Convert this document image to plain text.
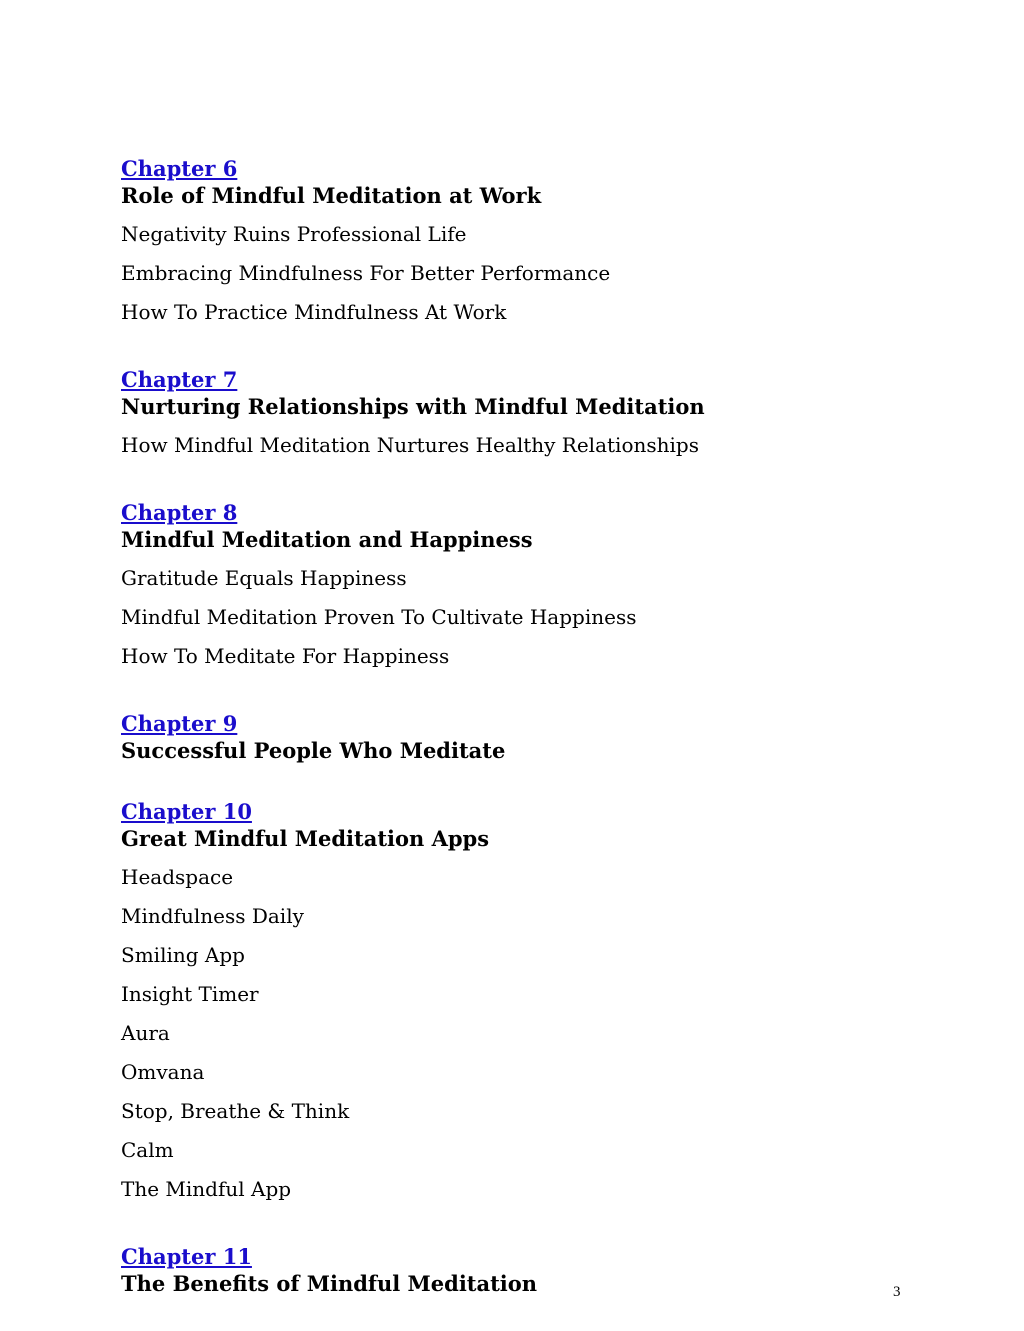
Chapter 6
Role of Mindful Meditation at Work
Negativity Ruins Professional Life
Embracing Mindfulness For Better Performance
How To Practice Mindfulness At Work
Chapter 7
Nurturing Relationships with Mindful Meditation
How Mindful Meditation Nurtures Healthy Relationships
Chapter 8
Mindful Meditation and Happiness
Gratitude Equals Happiness
Mindful Meditation Proven To Cultivate Happiness
How To Meditate For Happiness
Chapter 9
Successful People Who Meditate
Chapter 10
Great Mindful Meditation Apps
Headspace
Mindfulness Daily
Smiling App
Insight Timer
Aura
Omvana
Stop, Breathe & Think
Calm
The Mindful App
Chapter 11
The Benefits of Mindful Meditation	3
